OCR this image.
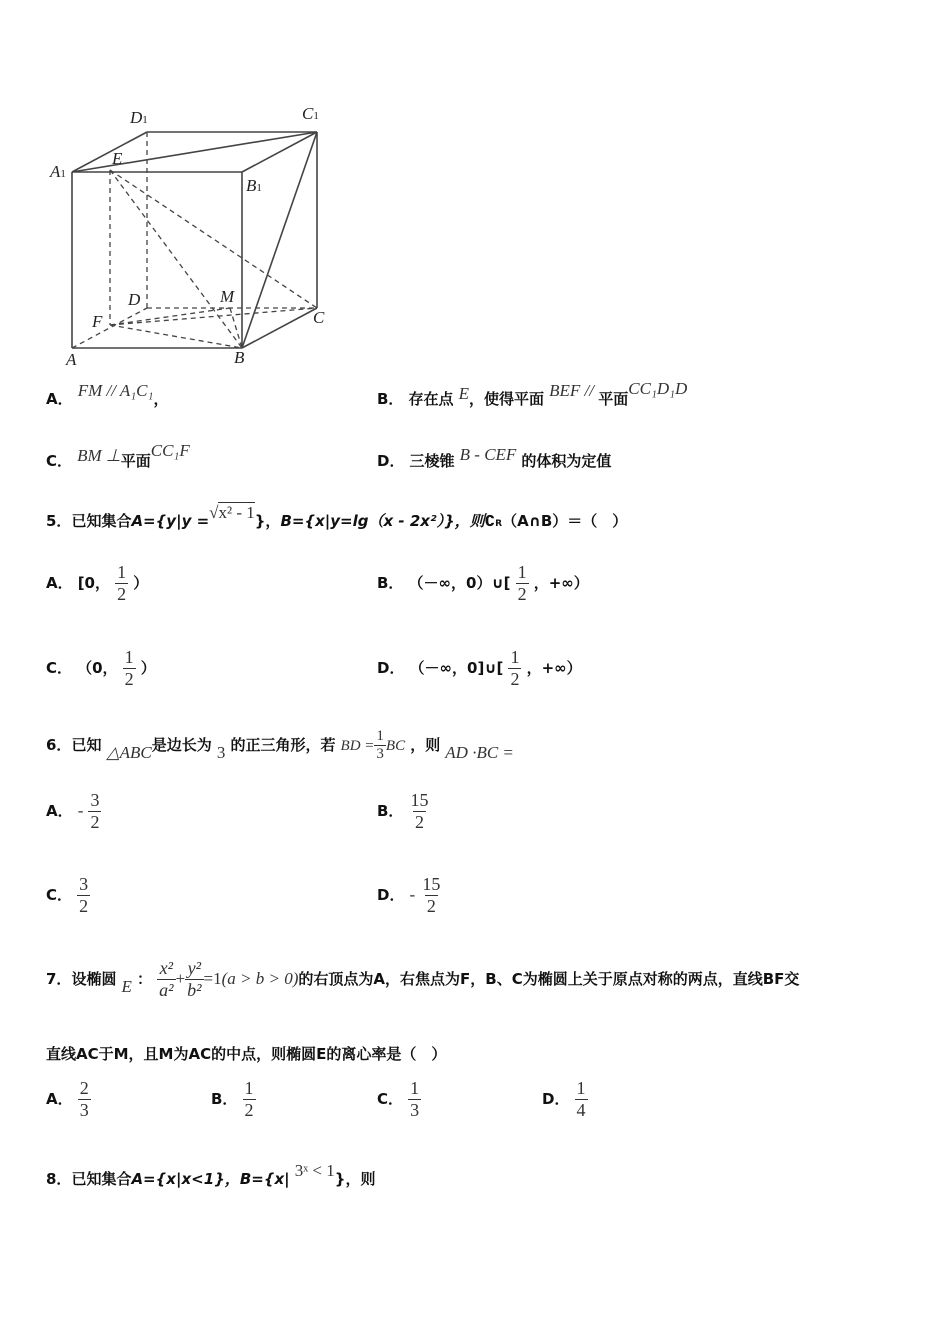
D1	C1
A1
B1
E
D	M
C
F
A	B
A． FM // A₁C₁，	B． 存在点 E，使得平面 BEF // 平面CC₁D₁D
C． BM ⊥平面CC₁F
D． 三棱锥 B - CEF 的体积为定值
5．已知集合A={y|y =√x² - 1}，B={x|y=lg（x - 2x²）}，则∁R（A∩B）＝（　）
A． [0， $\frac{1}{2}$ ）	B． （－∞，0）∪[ $\frac{1}{2}$ ，+∞）
C． （0， $\frac{1}{2}$ ）	D． （－∞，0]∪[ $\frac{1}{2}$ ，+∞）
6．已知 △ABC是边长为 3 的正三角形，若 BD = $\frac{1}{3}$ BC ，则 AD ·BC =
A． - $\frac{3}{2}$	B． $\frac{15}{2}$
C． $\frac{3}{2}$	D． - $\frac{15}{2}$
7．设椭圆 E ： $\frac{\text{x²}}{\text{a²}} + \frac{\text{y²}}{\text{b²}} =1(a > b > 0)$的右顶点为A，右焦点为F，B、C为椭圆上关于原点对称的两点，直线BF交
直线AC于M，且M为AC的中点，则椭圆E的离心率是（　）
A． $\frac{2}{3}$	B． $\frac{1}{2}$	C． $\frac{1}{3}$	D． $\frac{1}{4}$
8．已知集合A={x|x<1}，B={x| 3ˣ < 1}，则
